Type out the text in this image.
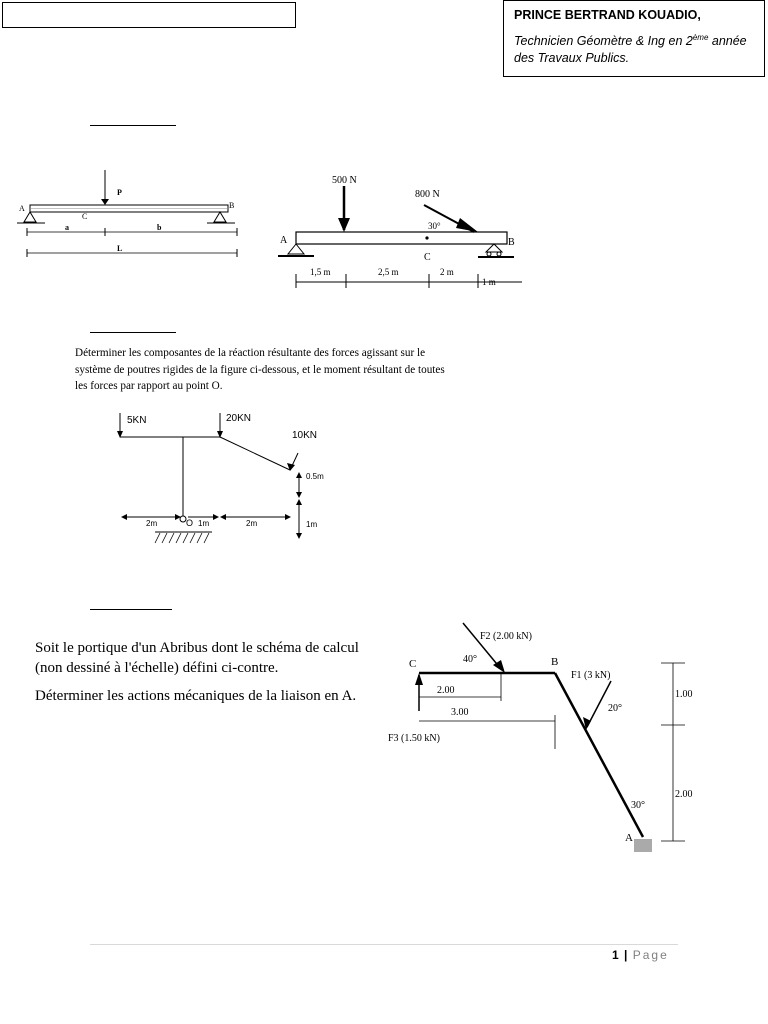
PRINCE BERTRAND KOUADIO,
Technicien Géomètre & Ing en 2ème année des Travaux Publics.
P
A	B
C
a	b
L
500 N
800 N
30°
A	B
C
1,5 m	2,5 m	2 m
1 m
Déterminer les composantes de la réaction résultante des forces agissant sur le système de poutres rigides de la figure ci-dessous, et le moment résultant de toutes les forces par rapport au point O.
5KN	20KN
10KN
0.5m
1m
2m	O 1m	2m

Soit le portique d'un Abribus dont le schéma de calcul (non dessiné à l'échelle) défini ci-contre.

Déterminer les actions mécaniques de la liaison en A.

C	B
A
F2 (2.00 kN)
40°
F1 (3 kN)
20°
F3 (1.50 kN)
30°
2.00
3.00
1.00
2.00
1 | Page
